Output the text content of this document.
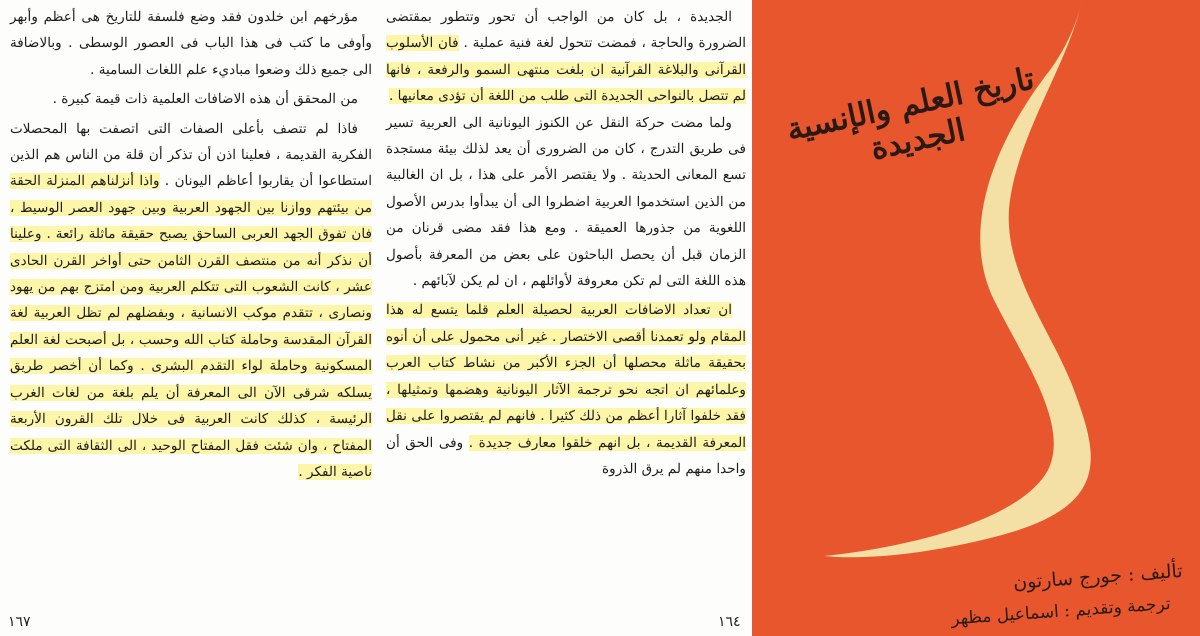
مؤرخهم ابن خلدون فقد وضع فلسفة للتاريخ هى أعظم وأبهر وأوفى ما كتب فى هذا الباب فى العصور الوسطى . وبالاضافة الى جميع ذلك وضعوا مباديء علم اللغات السامية .

من المحقق أن هذه الاضافات العلمية ذات قيمة كبيرة .

فاذا لم تتصف بأعلى الصفات التى اتصفت بها المحصلات الفكرية القديمة ، فعلينا اذن أن تذكر أن قلة من الناس هم الذين استطاعوا أن يقاربوا أعاظم اليونان . واذا أنزلناهم المنزلة الحقة من بيئتهم ووازنا بين الجهود العربية وبين جهود العصر الوسيط ، فان تفوق الجهد العربى الساحق يصبح حقيقة ماثلة رائعة . وعلينا أن نذكر أنه من منتصف القرن الثامن حتى أواخر القرن الحادى عشر ، كانت الشعوب التى تتكلم العربية ومن امتزج بهم من يهود ونصارى ، تتقدم موكب الانسانية ، وبفضلهم لم تظل العربية لغة القرآن المقدسة وحاملة كتاب الله وحسب ، بل أصبحت لغة العلم المسكونية وحاملة لواء التقدم البشرى . وكما أن أخصر طريق يسلكه شرقى الآن الى المعرفة أن يلم بلغة من لغات الغرب الرئيسة ، كذلك كانت العربية فى خلال تلك القرون الأربعة المفتاح ، وان شئت فقل المفتاح الوحيد ، الى الثقافة التى ملكت ناصية الفكر .

١٦٧

الجديدة ، بل كان من الواجب أن تحور وتتطور بمقتضى الضرورة والحاجة ، فمضت تتحول لغة فنية عملية . فان الأسلوب القرآنى والبلاغة القرآنية ان بلغت منتهى السمو والرفعة ، فانها لم تتصل بالنواحى الجديدة التى طلب من اللغة أن تؤدى معانيها .

ولما مضت حركة النقل عن الكنوز اليونانية الى العربية تسير فى طريق التدرج ، كان من الضرورى أن يعد لذلك بيئة مستجدة تسع المعانى الحديثة . ولا يقتصر الأمر على هذا ، بل ان الغالبية من الذين استخدموا العربية اضطروا الى أن يبدأوا بدرس الأصول اللغوية من جذورها العميقة . ومع هذا فقد مضى قرنان من الزمان قبل أن يحصل الباحثون على بعض من المعرفة بأصول هذه اللغة التى لم تكن معروفة لأوائلهم ، ان لم يكن لآبائهم .

ان تعداد الاضافات العربية لحصيلة العلم قلما يتسع له هذا المقام ولو تعمدنا أقصى الاختصار . غير أنى محمول على أن أنوه بحقيقة ماثلة محصلها أن الجزء الأكبر من نشاط كتاب العرب وعلمائهم ان اتجه نحو ترجمة الآثار اليونانية وهضمها وتمثيلها ، فقد خلفوا آثارا أعظم من ذلك كثيرا . فانهم لم يقتصروا على نقل المعرفة القديمة ، بل انهم خلقوا معارف جديدة . وفى الحق أن واحدا منهم لم يرق الذروة

١٦٤
تاريخ العلم والإنسية الجديدة
تأليف : جورج سارتون
ترجمة وتقديم : اسماعيل مظهر
